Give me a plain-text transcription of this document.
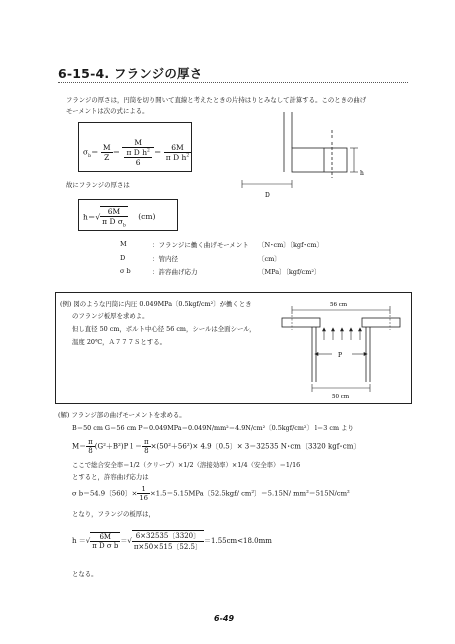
6-15-4. フランジの厚さ
フランジの厚さは，円筒を切り開いて直線と考えたときの片持はりとみなして計算する。このときの曲げ
モーメントは次の式による。
$\sigma_b= \frac{M}{Z} = \frac{M}{\frac{\pi D h^2}{6}} = \frac{6M}{\pi D h^2}$
h
D
故にフランジの厚さは
$h=√ \frac{6M}{\pi D \sigma_b} (cm)$
M	：フランジに働く曲げモーメント 〔N･cm〕〔kgf･cm〕
D	：管内径	〔cm〕
σ b	：許容曲げ応力	〔MPa〕〔kgf/cm²〕
(例) 図のような円筒に内圧 0.049MPa〔0.5kgf/cm²〕が働くとき
のフランジ板厚を求めよ。
但し直径 50 cm，ボルト中心径 56 cm，シールは全面シール，
温度 20℃，Ａ７７７Ｓとする。
56 cm
P
50 cm
(解) フランジ部の曲げモーメントを求める。
B＝50 cm G＝56 cm P＝0.049MPa＝0.049N/mm²＝4.9N/cm²〔0.5kgf/cm²〕 l＝3 cm より
$M= \frac{\pi}{8} (G^2+B^2)P$ $l = \frac{\pi}{8} \times(50^2+56^2)\times 4.9$〔0.5〕× 3＝32535 N･cm〔3320 kgf･cm〕
ここで総合安全率＝1/2（クリープ）×1/2（溶接効率）×1/4（安全率）＝1/16
とすると，許容曲げ応力は
σ b＝54.9〔560〕× $\frac{1}{16} \times 1.5=5.15MPa$〔52.5kgf/ cm²〕＝5.15N/ mm²＝515N/cm²
となり，フランジの板厚は，
h ＝√ $\frac{6M}{\text{π D σ b}}$ ＝√ $\frac{6\times 32535〔3320〕}{\pi\times 50\times 515〔52.5〕} =1.55cm<18.0mm$
となる。
6-49
